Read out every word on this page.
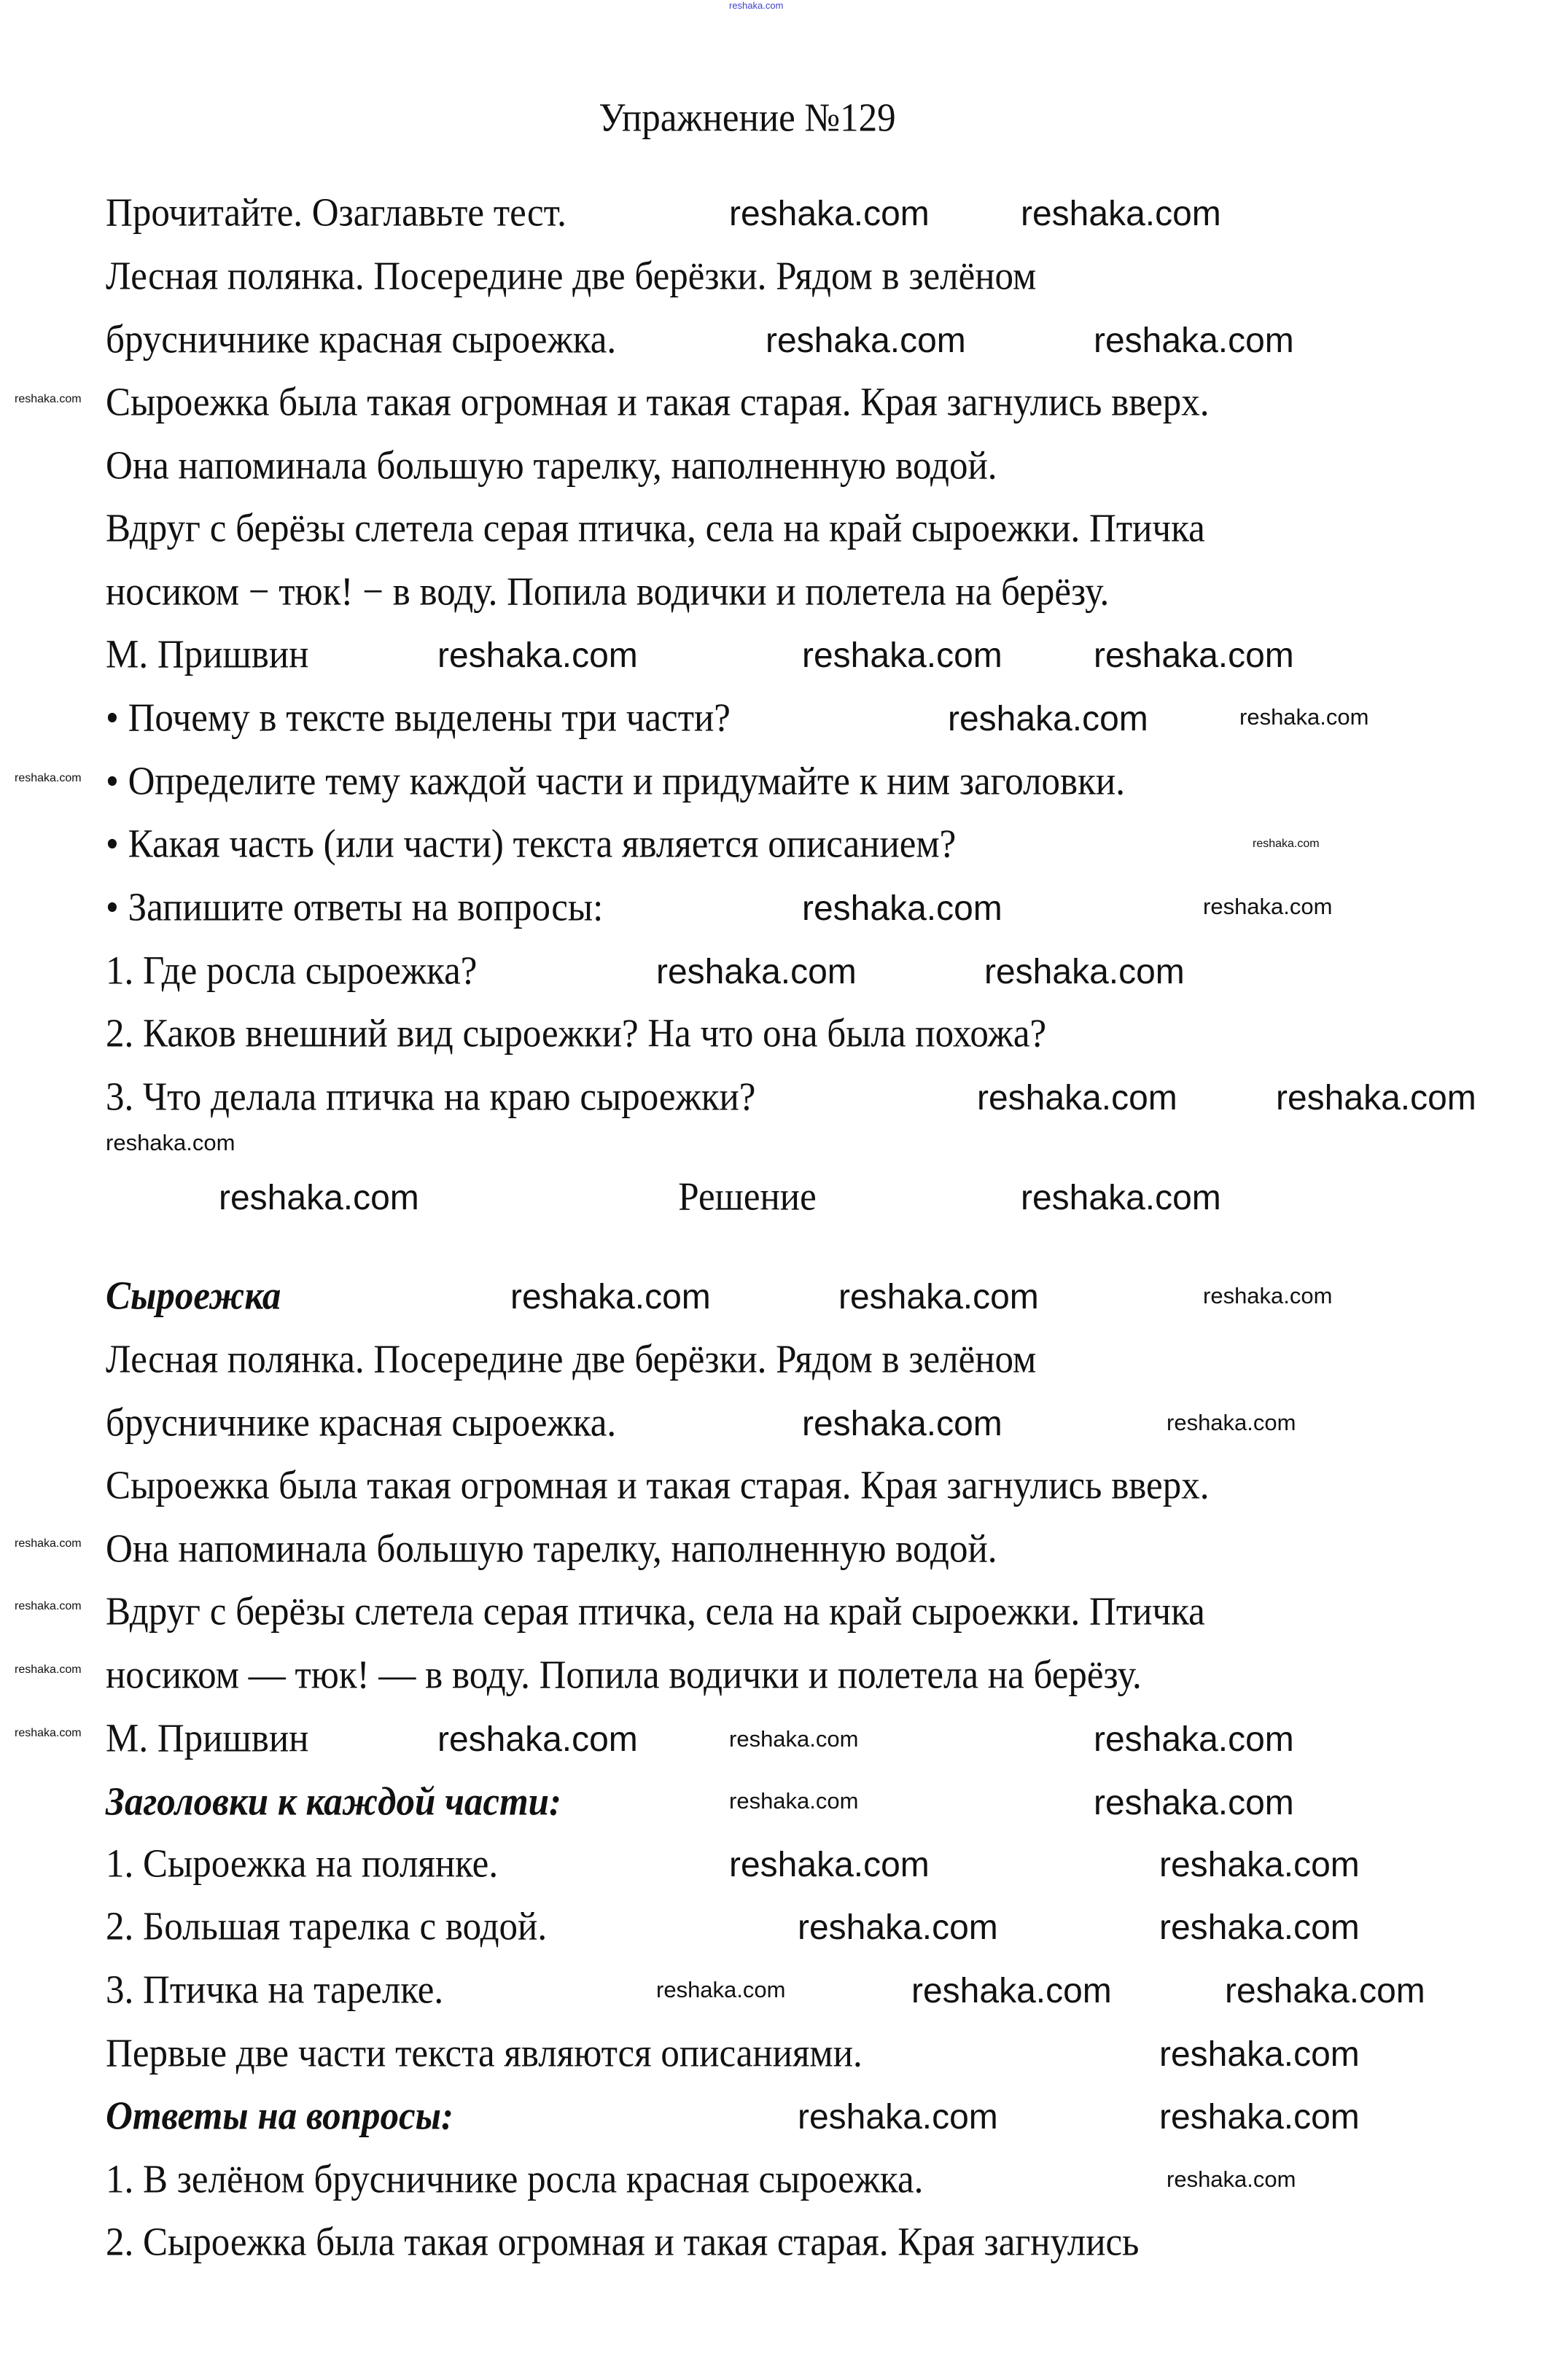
reshaka.com
Упражнение №129
Прочитайте. Озаглавьте тест.
Лесная полянка. Посередине две берёзки. Рядом в зелёном
брусничнике красная сыроежка.
Сыроежка была такая огромная и такая старая. Края загнулись вверх.
Она напоминала большую тарелку, наполненную водой.
Вдруг с берёзы слетела серая птичка, села на край сыроежки. Птичка
носиком − тюк! − в воду. Попила водички и полетела на берёзу.
М. Пришвин
• Почему в тексте выделены три части?
• Определите тему каждой части и придумайте к ним заголовки.
• Какая часть (или части) текста является описанием?
• Запишите ответы на вопросы:
1. Где росла сыроежка?
2. Каков внешний вид сыроежки? На что она была похожа?
3. Что делала птичка на краю сыроежки?
Решение
Сыроежка
Лесная полянка. Посередине две берёзки. Рядом в зелёном
брусничнике красная сыроежка.
Сыроежка была такая огромная и такая старая. Края загнулись вверх.
Она напоминала большую тарелку, наполненную водой.
Вдруг с берёзы слетела серая птичка, села на край сыроежки. Птичка
носиком — тюк! — в воду. Попила водички и полетела на берёзу.
М. Пришвин
Заголовки к каждой части:
1. Сыроежка на полянке.
2. Большая тарелка с водой.
3. Птичка на тарелке.
Первые две части текста являются описаниями.
Ответы на вопросы:
1. В зелёном брусничнике росла красная сыроежка.
2. Сыроежка была такая огромная и такая старая. Края загнулись
reshaka.com	reshaka.com
reshaka.com
reshaka.com	reshaka.com
reshaka.com	reshaka.com	reshaka.com
reshaka.com
reshaka.com
reshaka.com
reshaka.com	reshaka.com
reshaka.com
reshaka.com	reshaka.com
reshaka.com	reshaka.com
reshaka.com	reshaka.com
reshaka.com	reshaka.com	reshaka.com
reshaka.com	reshaka.com
reshaka.com
reshaka.com
reshaka.com
reshaka.com	reshaka.com	reshaka.com
reshaka.com
reshaka.com
reshaka.com	reshaka.com
reshaka.com	reshaka.com
reshaka.com	reshaka.com
reshaka.com	reshaka.com
reshaka.com
reshaka.com	reshaka.com
reshaka.com
reshaka.com
